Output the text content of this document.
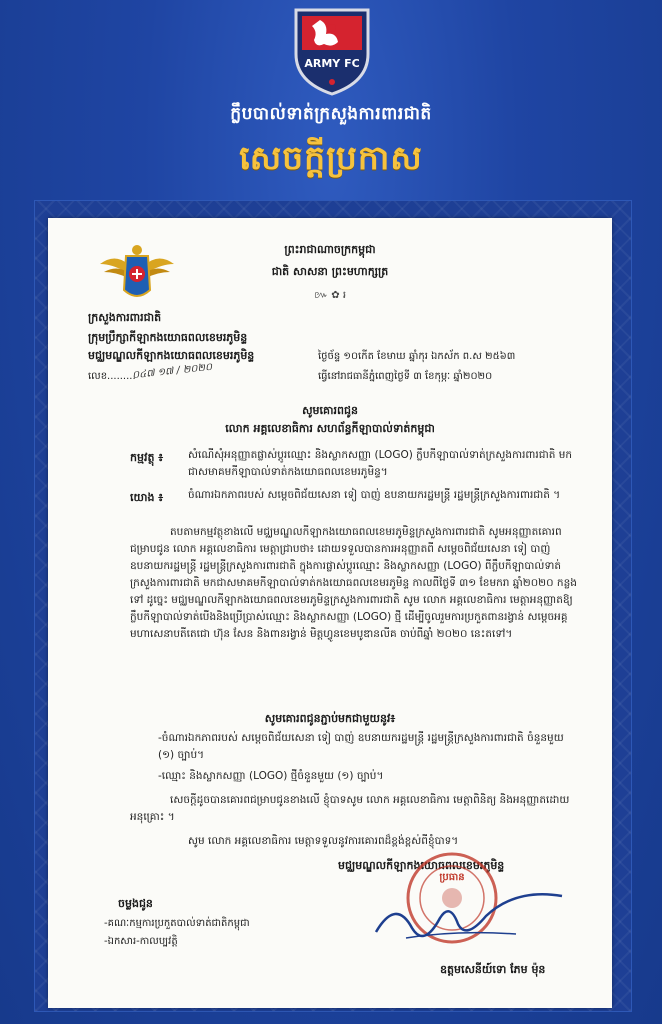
ARMY FC
ក្លឹបបាល់ទាត់ក្រសួងការពារជាតិ
សេចក្តីប្រកាស
ព្រះរាជាណាចក្រកម្ពុជា
ជាតិ សាសនា ព្រះមហាក្សត្រ
៚ ✿ ៛
ក្រសួងការពារជាតិ
ក្រុមប្រឹក្សាកីឡាកងយោធពលខេមរភូមិន្ទ
មជ្ឈមណ្ឌលកីឡាកងយោធពលខេមរភូមិន្ទ	ថ្ងៃច័ន្ទ ១០កើត ខែមាឃ ឆ្នាំកុរ ឯកស័ក ព.ស ២៥៦៣
លេខ.........
០៤៧ ១៧ / ២០២០	ធ្វើនៅរាជធានីភ្នំពេញថ្ងៃទី ៣ ខែកុម្ភៈ ឆ្នាំ២០២០
សូមគោរពជូន
លោក អគ្គលេខាធិការ សហព័ន្ធកីឡាបាល់ទាត់កម្ពុជា
កម្មវត្ថុ ៖ សំណើសុំអនុញ្ញាតផ្លាស់ប្តូរឈ្មោះ និងស្លាកសញ្ញា (LOGO) ក្លឹបកីឡាបាល់ទាត់ក្រសួងការពារជាតិ មកជាសមាគមកីឡាបាល់ទាត់កងយោធពលខេមរភូមិន្ទ។
យោង ៖ ចំណារឯកភាពរបស់ សម្តេចពិជ័យសេនា ទៀ បាញ់ ឧបនាយករដ្ឋមន្ត្រី រដ្ឋមន្ត្រីក្រសួងការពារជាតិ ។
តបតាមកម្មវត្ថុខាងលើ មជ្ឈមណ្ឌលកីឡាកងយោធពលខេមរភូមិន្ទក្រសួងការពារជាតិ សូមអនុញ្ញាតគោរពជម្រាបជូន លោក អគ្គលេខាធិការ មេត្តាជ្រាបថា៖ ដោយទទួលបានការអនុញ្ញាតពី សម្តេចពិជ័យសេនា ទៀ បាញ់ ឧបនាយករដ្ឋមន្ត្រី រដ្ឋមន្ត្រីក្រសួងការពារជាតិ ក្នុងការផ្លាស់ប្តូរឈ្មោះ និងស្លាកសញ្ញា (LOGO) ពីក្លឹបកីឡាបាល់ទាត់ក្រសួងការពារជាតិ មកជាសមាគមកីឡាបាល់ទាត់កងយោធពលខេមរភូមិន្ទ កាលពីថ្ងៃទី ៣១ ខែមករា ឆ្នាំ២០២០ កន្លងទៅ ដូច្នេះ មជ្ឈមណ្ឌលកីឡាកងយោធពលខេមរភូមិន្ទក្រសួងការពារជាតិ សូម លោក អគ្គលេខាធិការ មេត្តាអនុញ្ញាតឱ្យក្លឹបកីឡាបាល់ទាត់បើងនិងប្រើប្រាស់ឈ្មោះ និងស្លាកសញ្ញា (LOGO) ថ្មី ដើម្បីចូលរួមការប្រកួតពានរង្វាន់ សម្តេចអគ្គមហាសេនាបតីតេជោ ហ៊ុន សែន និងពានរង្វាន់ មិត្តហ្វូនខេមបូឌានលីគ ចាប់ពីឆ្នាំ ២០២០ នេះតទៅ។
សូមគោរពជូនភ្ជាប់មកជាមួយនូវ៖
-ចំណារឯកភាពរបស់ សម្តេចពិជ័យសេនា ទៀ បាញ់ ឧបនាយករដ្ឋមន្ត្រី រដ្ឋមន្ត្រីក្រសួងការពារជាតិ ចំនួនមួយ (១) ច្បាប់។
-ឈ្មោះ និងស្លាកសញ្ញា (LOGO) ថ្មីចំនួនមួយ (១) ច្បាប់។
សេចក្តីដូចបានគោរពជម្រាបជូនខាងលើ ខ្ញុំបាទសូម លោក អគ្គលេខាធិការ មេត្តាពិនិត្យ និងអនុញ្ញាតដោយអនុគ្រោះ ។
សូម លោក អគ្គលេខាធិការ មេត្តាទទួលនូវការគោរពដ៏ខ្ពង់ខ្ពស់ពីខ្ញុំបាទ។
មជ្ឈមណ្ឌលកីឡាកងយោធពលខេមរភូមិន្ទ
ប្រធាន
ឧត្តមសេនីយ៍ទោ ភែម ម៉ុន
ចម្លងជូន
-គណៈកម្មការប្រកួតបាល់ទាត់ជាតិកម្ពុជា
-ឯកសារ-កាលប្បវត្តិ
